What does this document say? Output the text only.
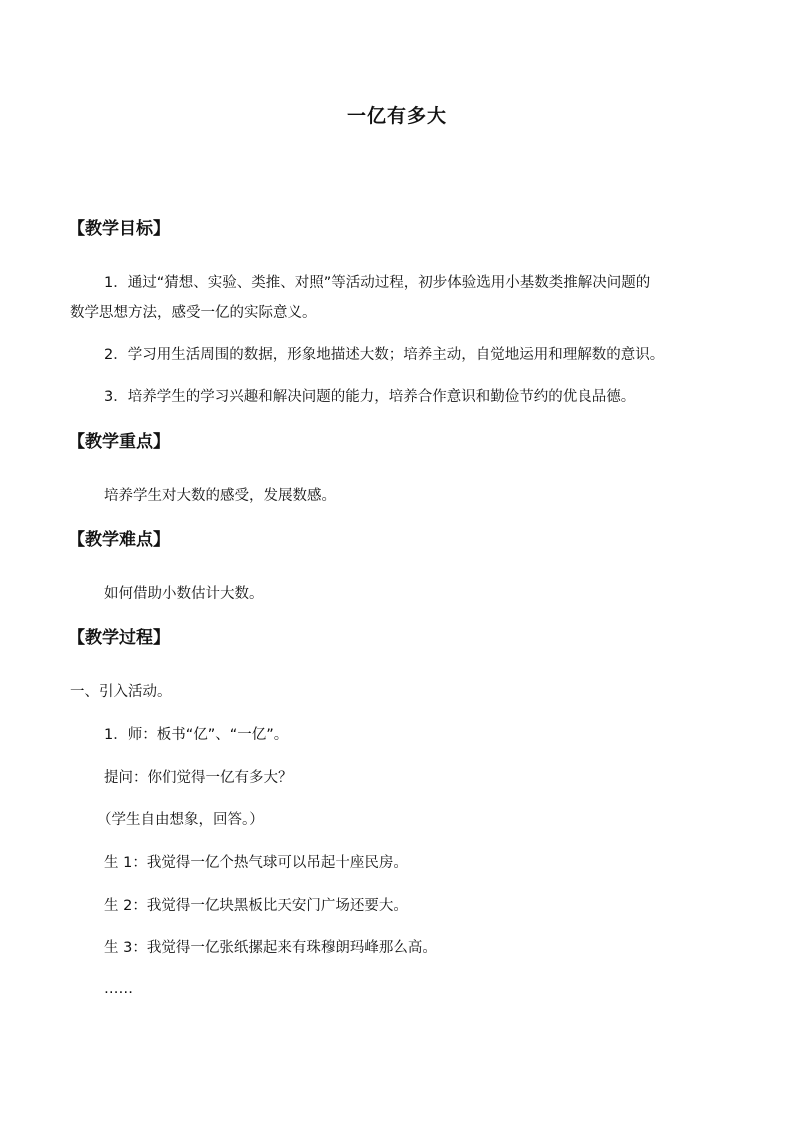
一亿有多大
【教学目标】
1．通过“猜想、实验、类推、对照”等活动过程，初步体验选用小基数类推解决问题的
数学思想方法，感受一亿的实际意义。
2．学习用生活周围的数据，形象地描述大数；培养主动，自觉地运用和理解数的意识。
3．培养学生的学习兴趣和解决问题的能力，培养合作意识和勤俭节约的优良品德。
【教学重点】
培养学生对大数的感受，发展数感。
【教学难点】
如何借助小数估计大数。
【教学过程】
一、引入活动。
1．师：板书“亿”、“一亿”。
提问：你们觉得一亿有多大？
（学生自由想象，回答。）
生 1：我觉得一亿个热气球可以吊起十座民房。
生 2：我觉得一亿块黑板比天安门广场还要大。
生 3：我觉得一亿张纸摞起来有珠穆朗玛峰那么高。
……
